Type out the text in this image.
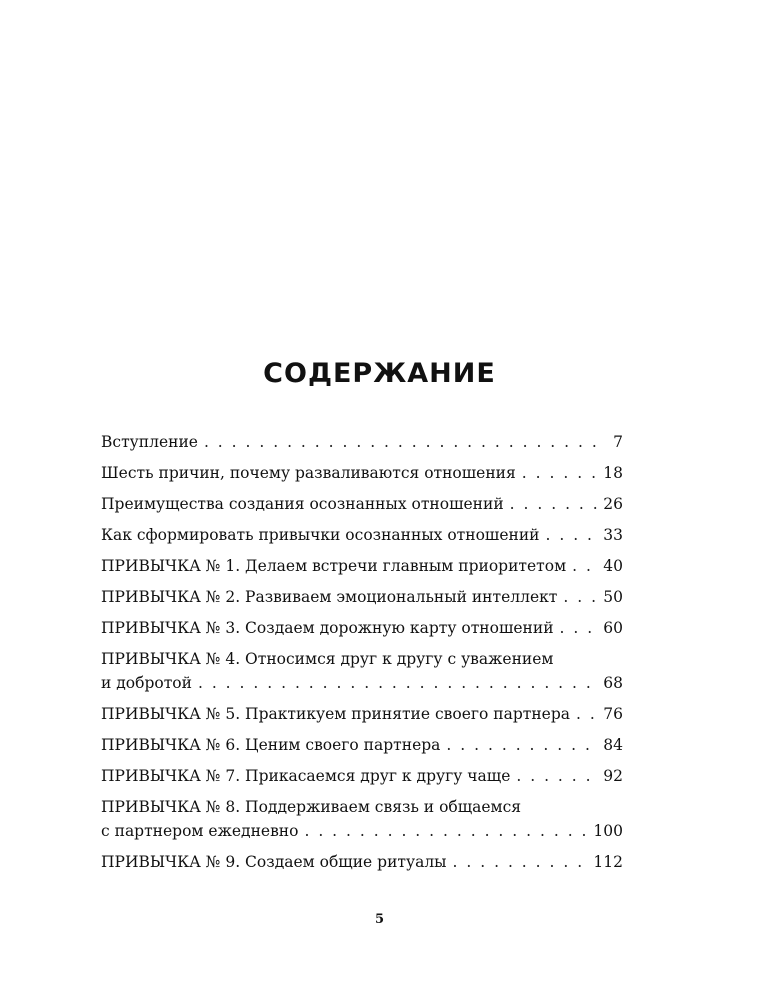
СОДЕРЖАНИЕ
Вступление . . .	7
Шесть причин, почему разваливаются отношения . . .	18
Преимущества создания осознанных отношений . . .	26
Как сформировать привычки осознанных отношений . . .	33
ПРИВЫЧКА № 1. Делаем встречи главным приоритетом . . . 40
ПРИВЫЧКА № 2. Развиваем эмоциональный интеллект . . .	50
ПРИВЫЧКА № 3. Создаем дорожную карту отношений . . .	60
ПРИВЫЧКА № 4. Относимся друг к другу с уважением
и добротой . . .	68
ПРИВЫЧКА № 5. Практикуем принятие своего партнера . . . 76
ПРИВЫЧКА № 6. Ценим своего партнера . . .	84
ПРИВЫЧКА № 7. Прикасаемся друг к другу чаще . . .	92
ПРИВЫЧКА № 8. Поддерживаем связь и общаемся
с партнером ежедневно . . .	100
ПРИВЫЧКА № 9. Создаем общие ритуалы . . .	112
5
